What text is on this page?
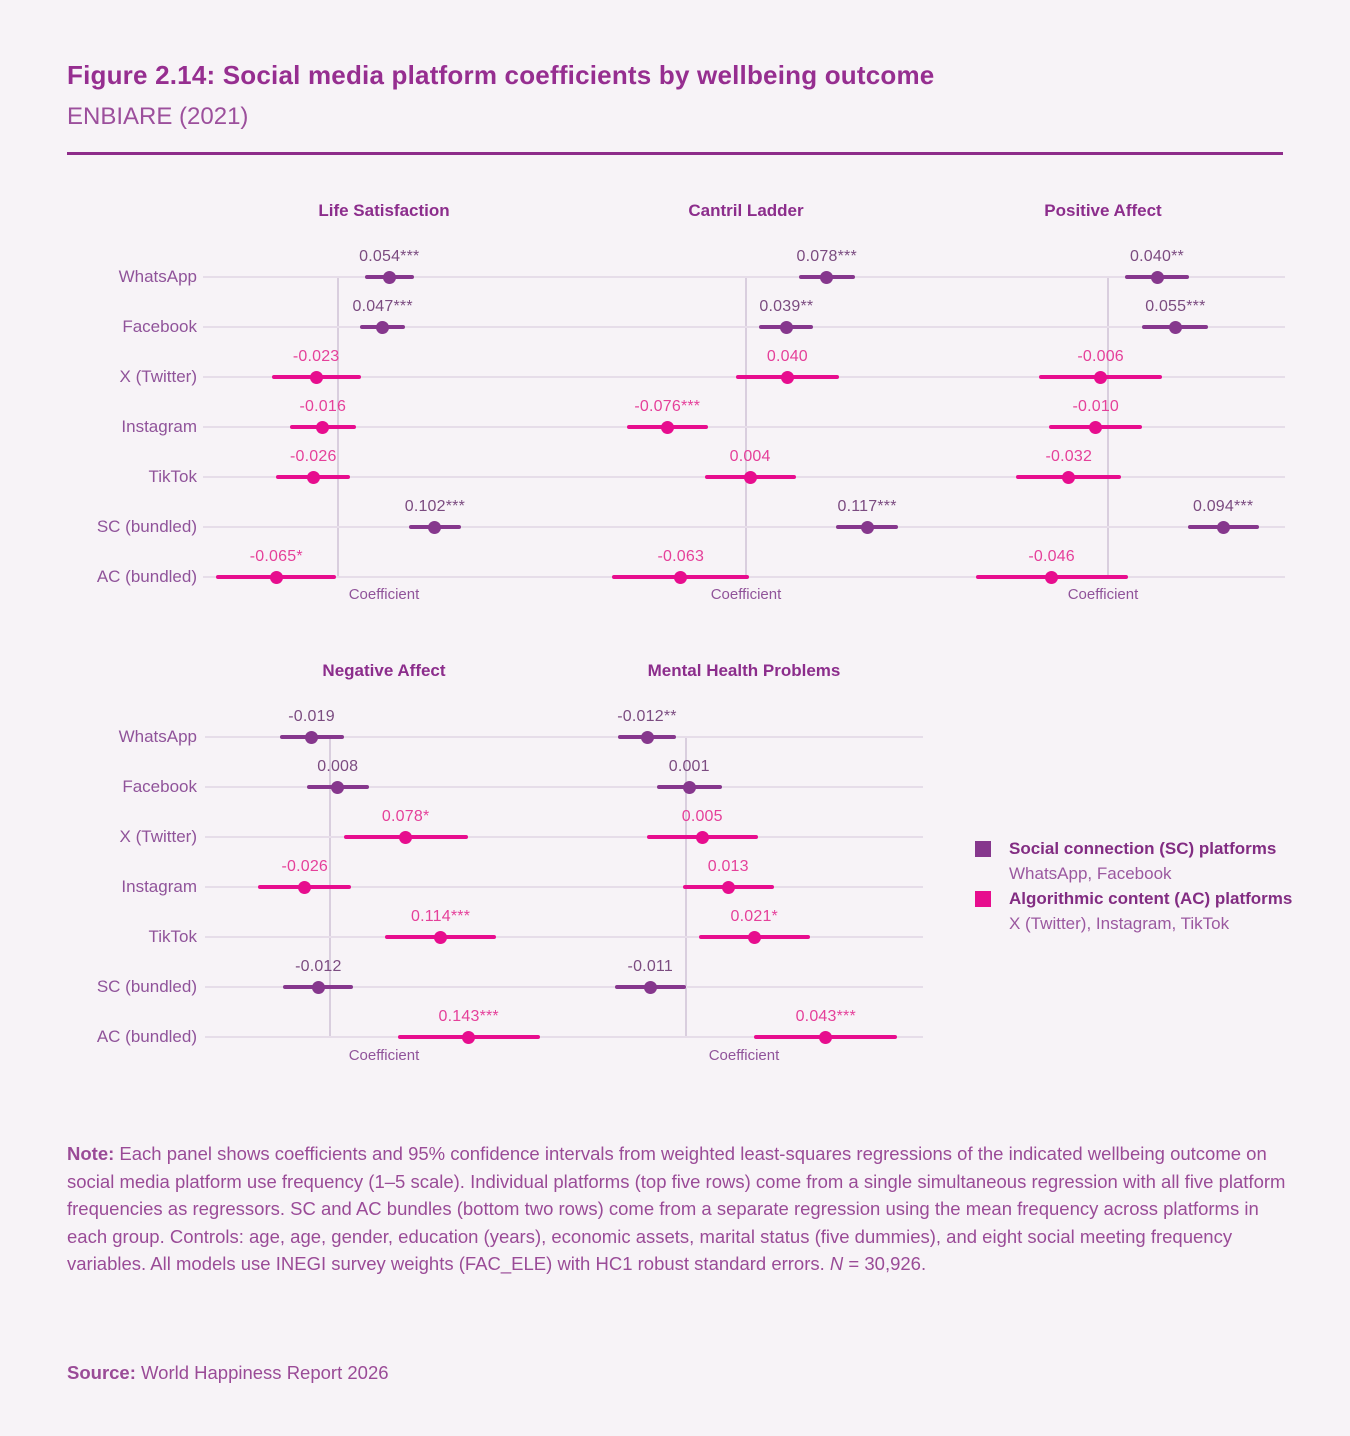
Figure 2.14: Social media platform coefficients by wellbeing outcome
ENBIARE (2021)
WhatsApp
Facebook
X (Twitter)
Instagram
TikTok
SC (bundled)
AC (bundled)
Life Satisfaction
Coefficient
0.054***
0.047***
-0.023
-0.016
-0.026
0.102***
-0.065*
Cantril Ladder
Coefficient
0.078***
0.039**
0.040
-0.076***
0.004
0.117***
-0.063
Positive Affect
Coefficient
0.040**
0.055***
-0.006
-0.010
-0.032
0.094***
-0.046
WhatsApp
Facebook
X (Twitter)
Instagram
TikTok
SC (bundled)
AC (bundled)
Negative Affect
Coefficient
-0.019
0.008
0.078*
-0.026
0.114***
-0.012
0.143***
Mental Health Problems
Coefficient
-0.012**
0.001
0.005
0.013
0.021*
-0.011
0.043***
Social connection (SC) platforms
WhatsApp, Facebook
Algorithmic content (AC) platforms
X (Twitter), Instagram, TikTok
Note: Each panel shows coefficients and 95% confidence intervals from weighted least-squares regressions of the indicated wellbeing outcome on social media platform use frequency (1–5 scale). Individual platforms (top five rows) come from a single simultaneous regression with all five platform frequencies as regressors. SC and AC bundles (bottom two rows) come from a separate regression using the mean frequency across platforms in each group. Controls: age, age, gender, education (years), economic assets, marital status (five dummies), and eight social meeting frequency variables. All models use INEGI survey weights (FAC_ELE) with HC1 robust standard errors. N = 30,926.
Source: World Happiness Report 2026
